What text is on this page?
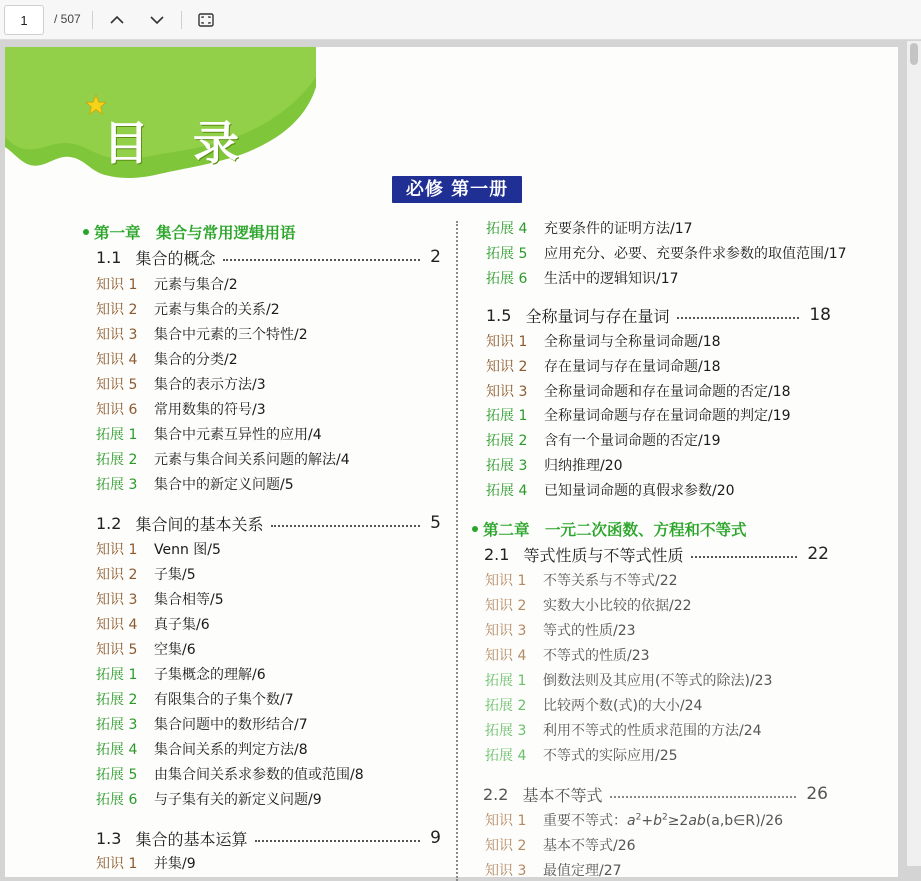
1
/ 507
目 录
必修 第一册
第一章　集合与常用逻辑用语
1.1 集合的概念	2
知识 1	元素与集合/2
知识 2	元素与集合的关系/2
知识 3	集合中元素的三个特性/2
知识 4	集合的分类/2
知识 5	集合的表示方法/3
知识 6	常用数集的符号/3
拓展 1	集合中元素互异性的应用/4
拓展 2	元素与集合间关系问题的解法/4
拓展 3	集合中的新定义问题/5
1.2 集合间的基本关系	5
知识 1	Venn 图/5
知识 2	子集/5
知识 3	集合相等/5
知识 4	真子集/6
知识 5	空集/6
拓展 1	子集概念的理解/6
拓展 2	有限集合的子集个数/7
拓展 3	集合问题中的数形结合/7
拓展 4	集合间关系的判定方法/8
拓展 5	由集合间关系求参数的值或范围/8
拓展 6	与子集有关的新定义问题/9
1.3 集合的基本运算	9
知识 1	并集/9
拓展 4	充要条件的证明方法/17
拓展 5	应用充分、必要、充要条件求参数的取值范围/17
拓展 6	生活中的逻辑知识/17
1.5 全称量词与存在量词	18
知识 1	全称量词与全称量词命题/18
知识 2	存在量词与存在量词命题/18
知识 3	全称量词命题和存在量词命题的否定/18
拓展 1	全称量词命题与存在量词命题的判定/19
拓展 2	含有一个量词命题的否定/19
拓展 3	归纳推理/20
拓展 4	已知量词命题的真假求参数/20
第二章　一元二次函数、方程和不等式
2.1 等式性质与不等式性质	22
知识 1	不等关系与不等式/22
知识 2	实数大小比较的依据/22
知识 3	等式的性质/23
知识 4	不等式的性质/23
拓展 1	倒数法则及其应用(不等式的除法)/23
拓展 2	比较两个数(式)的大小/24
拓展 3	利用不等式的性质求范围的方法/24
拓展 4	不等式的实际应用/25
2.2 基本不等式	26
知识 1	重要不等式：$a^2+b^2\ge 2ab(a,b\in R)/26$
知识 2	基本不等式/26
知识 3	最值定理/27
